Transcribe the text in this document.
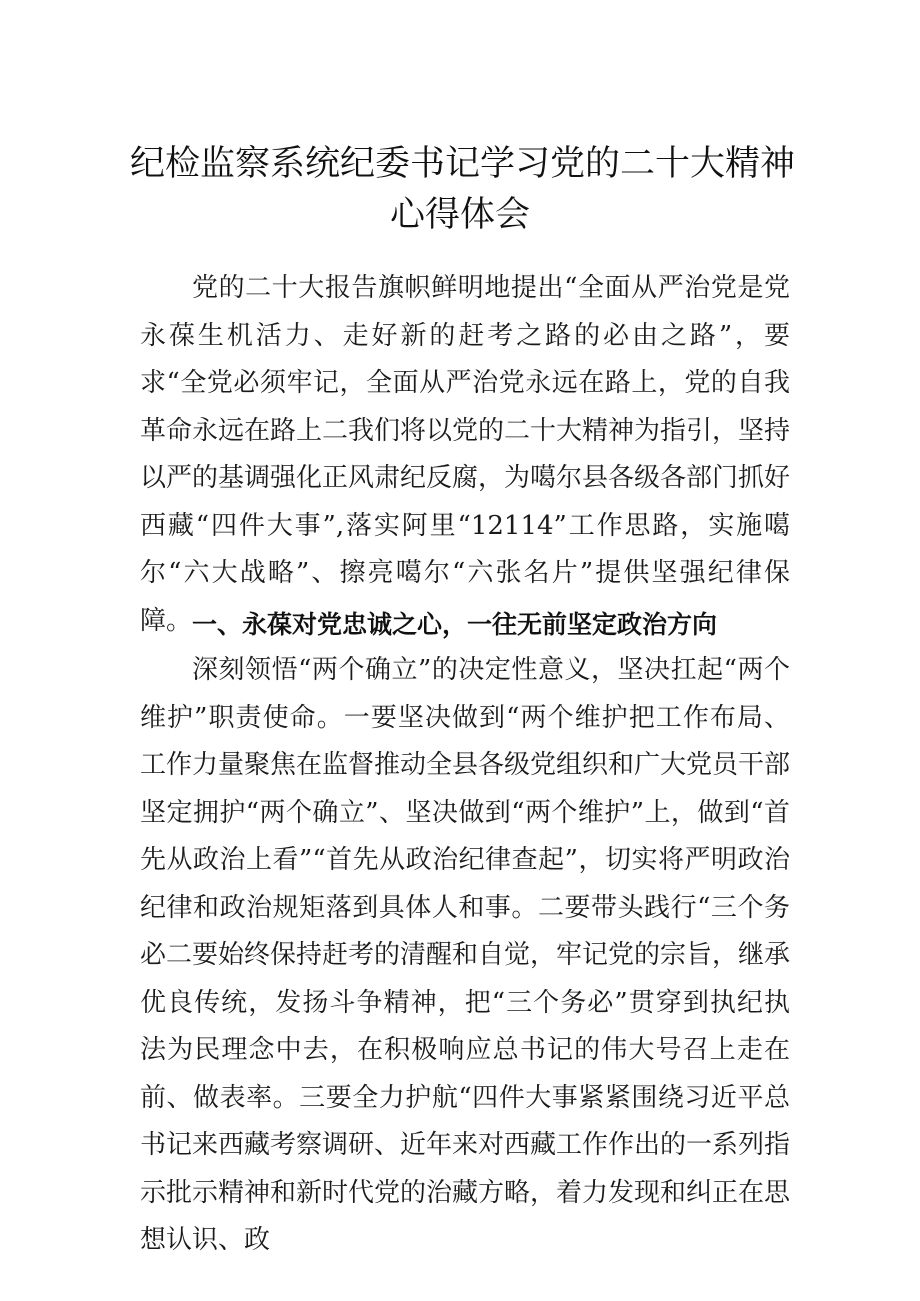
纪检监察系统纪委书记学习党的二十大精神
心得体会

党的二十大报告旗帜鲜明地提出“全面从严治党是党永葆生机活力、走好新的赶考之路的必由之路”，要求“全党必须牢记，全面从严治党永远在路上，党的自我革命永远在路上二我们将以党的二十大精神为指引，坚持以严的基调强化正风肃纪反腐，为噶尔县各级各部门抓好西藏“四件大事”,落实阿里“12114”工作思路，实施噶尔“六大战略”、擦亮噶尔“六张名片”提供坚强纪律保障。 一、永葆对党忠诚之心，一往无前坚定政治方向

深刻领悟“两个确立”的决定性意义，坚决扛起“两个维护”职责使命。一要坚决做到“两个维护把工作布局、工作力量聚焦在监督推动全县各级党组织和广大党员干部坚定拥护“两个确立”、坚决做到“两个维护”上，做到“首先从政治上看”“首先从政治纪律查起”，切实将严明政治纪律和政治规矩落到具体人和事。二要带头践行“三个务必二要始终保持赶考的清醒和自觉，牢记党的宗旨，继承优良传统，发扬斗争精神，把“三个务必”贯穿到执纪执法为民理念中去，在积极响应总书记的伟大号召上走在前、做表率。三要全力护航“四件大事紧紧围绕习近平总书记来西藏考察调研、近年来对西藏工作作出的一系列指示批示精神和新时代党的治藏方略，着力发现和纠正在思想认识、政
